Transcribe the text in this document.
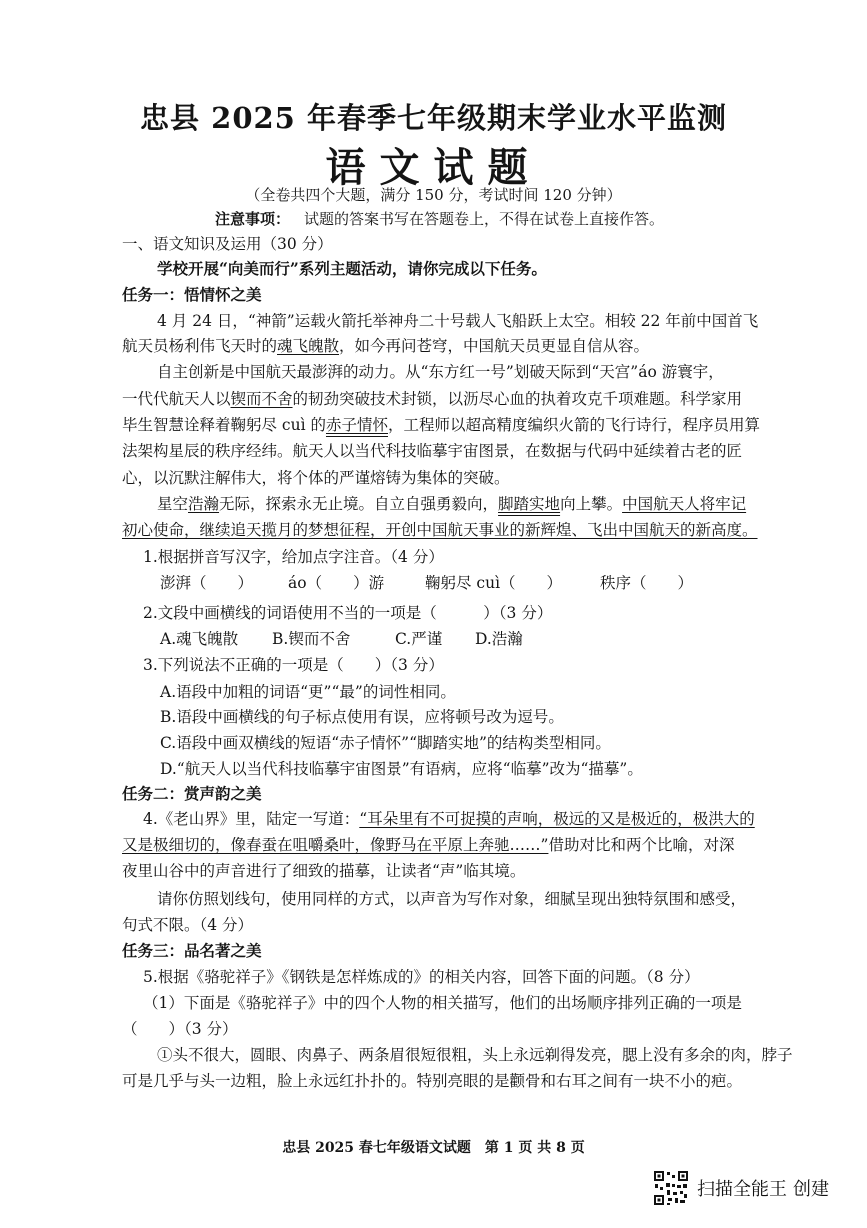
忠县 2025 年春季七年级期末学业水平监测
语文试题
（全卷共四个大题，满分 150 分，考试时间 120 分钟）
注意事项： 试题的答案书写在答题卷上，不得在试卷上直接作答。
一、语文知识及运用（30 分）
学校开展“向美而行”系列主题活动，请你完成以下任务。
任务一：悟情怀之美
4 月 24 日，“神箭”运载火箭托举神舟二十号载人飞船跃上太空。相较 22 年前中国首飞
航天员杨利伟飞天时的魂飞魄散，如今再问苍穹，中国航天员更显自信从容。
自主创新是中国航天最澎湃的动力。从“东方红一号”划破天际到“天宫”áo 游寰宇，
一代代航天人以锲而不舍的韧劲突破技术封锁，以沥尽心血的执着攻克千项难题。科学家用
毕生智慧诠释着鞠躬尽 cuì 的赤子情怀，工程师以超高精度编织火箭的飞行诗行，程序员用算
法架构星辰的秩序经纬。航天人以当代科技临摹宇宙图景，在数据与代码中延续着古老的匠
心，以沉默注解伟大，将个体的严谨熔铸为集体的突破。
星空浩瀚无际，探索永无止境。自立自强勇毅向，脚踏实地向上攀。中国航天人将牢记
初心使命，继续追天揽月的梦想征程，开创中国航天事业的新辉煌、飞出中国航天的新高度。
1.根据拼音写汉字，给加点字注音。（4 分）
澎湃（　　） áo（　　）游	鞠躬尽 cuì（　　） 秩序（　　）
2.文段中画横线的词语使用不当的一项是（　　　）（3 分）
A.魂飞魄散 B.锲而不舍	C.严谨 D.浩瀚
3.下列说法不正确的一项是（　　）（3 分）
A.语段中加粗的词语“更”“最”的词性相同。
B.语段中画横线的句子标点使用有误，应将顿号改为逗号。
C.语段中画双横线的短语“赤子情怀”“脚踏实地”的结构类型相同。
D.“航天人以当代科技临摹宇宙图景”有语病，应将“临摹”改为“描摹”。
任务二：赏声韵之美
4.《老山界》里，陆定一写道：“耳朵里有不可捉摸的声响，极远的又是极近的，极洪大的
又是极细切的，像春蚕在咀嚼桑叶，像野马在平原上奔驰……”借助对比和两个比喻，对深
夜里山谷中的声音进行了细致的描摹，让读者“声”临其境。
请你仿照划线句，使用同样的方式，以声音为写作对象，细腻呈现出独特氛围和感受，
句式不限。（4 分）
任务三：品名著之美
5.根据《骆驼祥子》《钢铁是怎样炼成的》的相关内容，回答下面的问题。（8 分）
（1）下面是《骆驼祥子》中的四个人物的相关描写，他们的出场顺序排列正确的一项是
（　　）（3 分）
①头不很大，圆眼、肉鼻子、两条眉很短很粗，头上永远剃得发亮，腮上没有多余的肉，脖子
可是几乎与头一边粗，脸上永远红扑扑的。特别亮眼的是颧骨和右耳之间有一块不小的疤。
忠县 2025 春七年级语文试题　第 1 页 共 8 页
扫描全能王 创建
